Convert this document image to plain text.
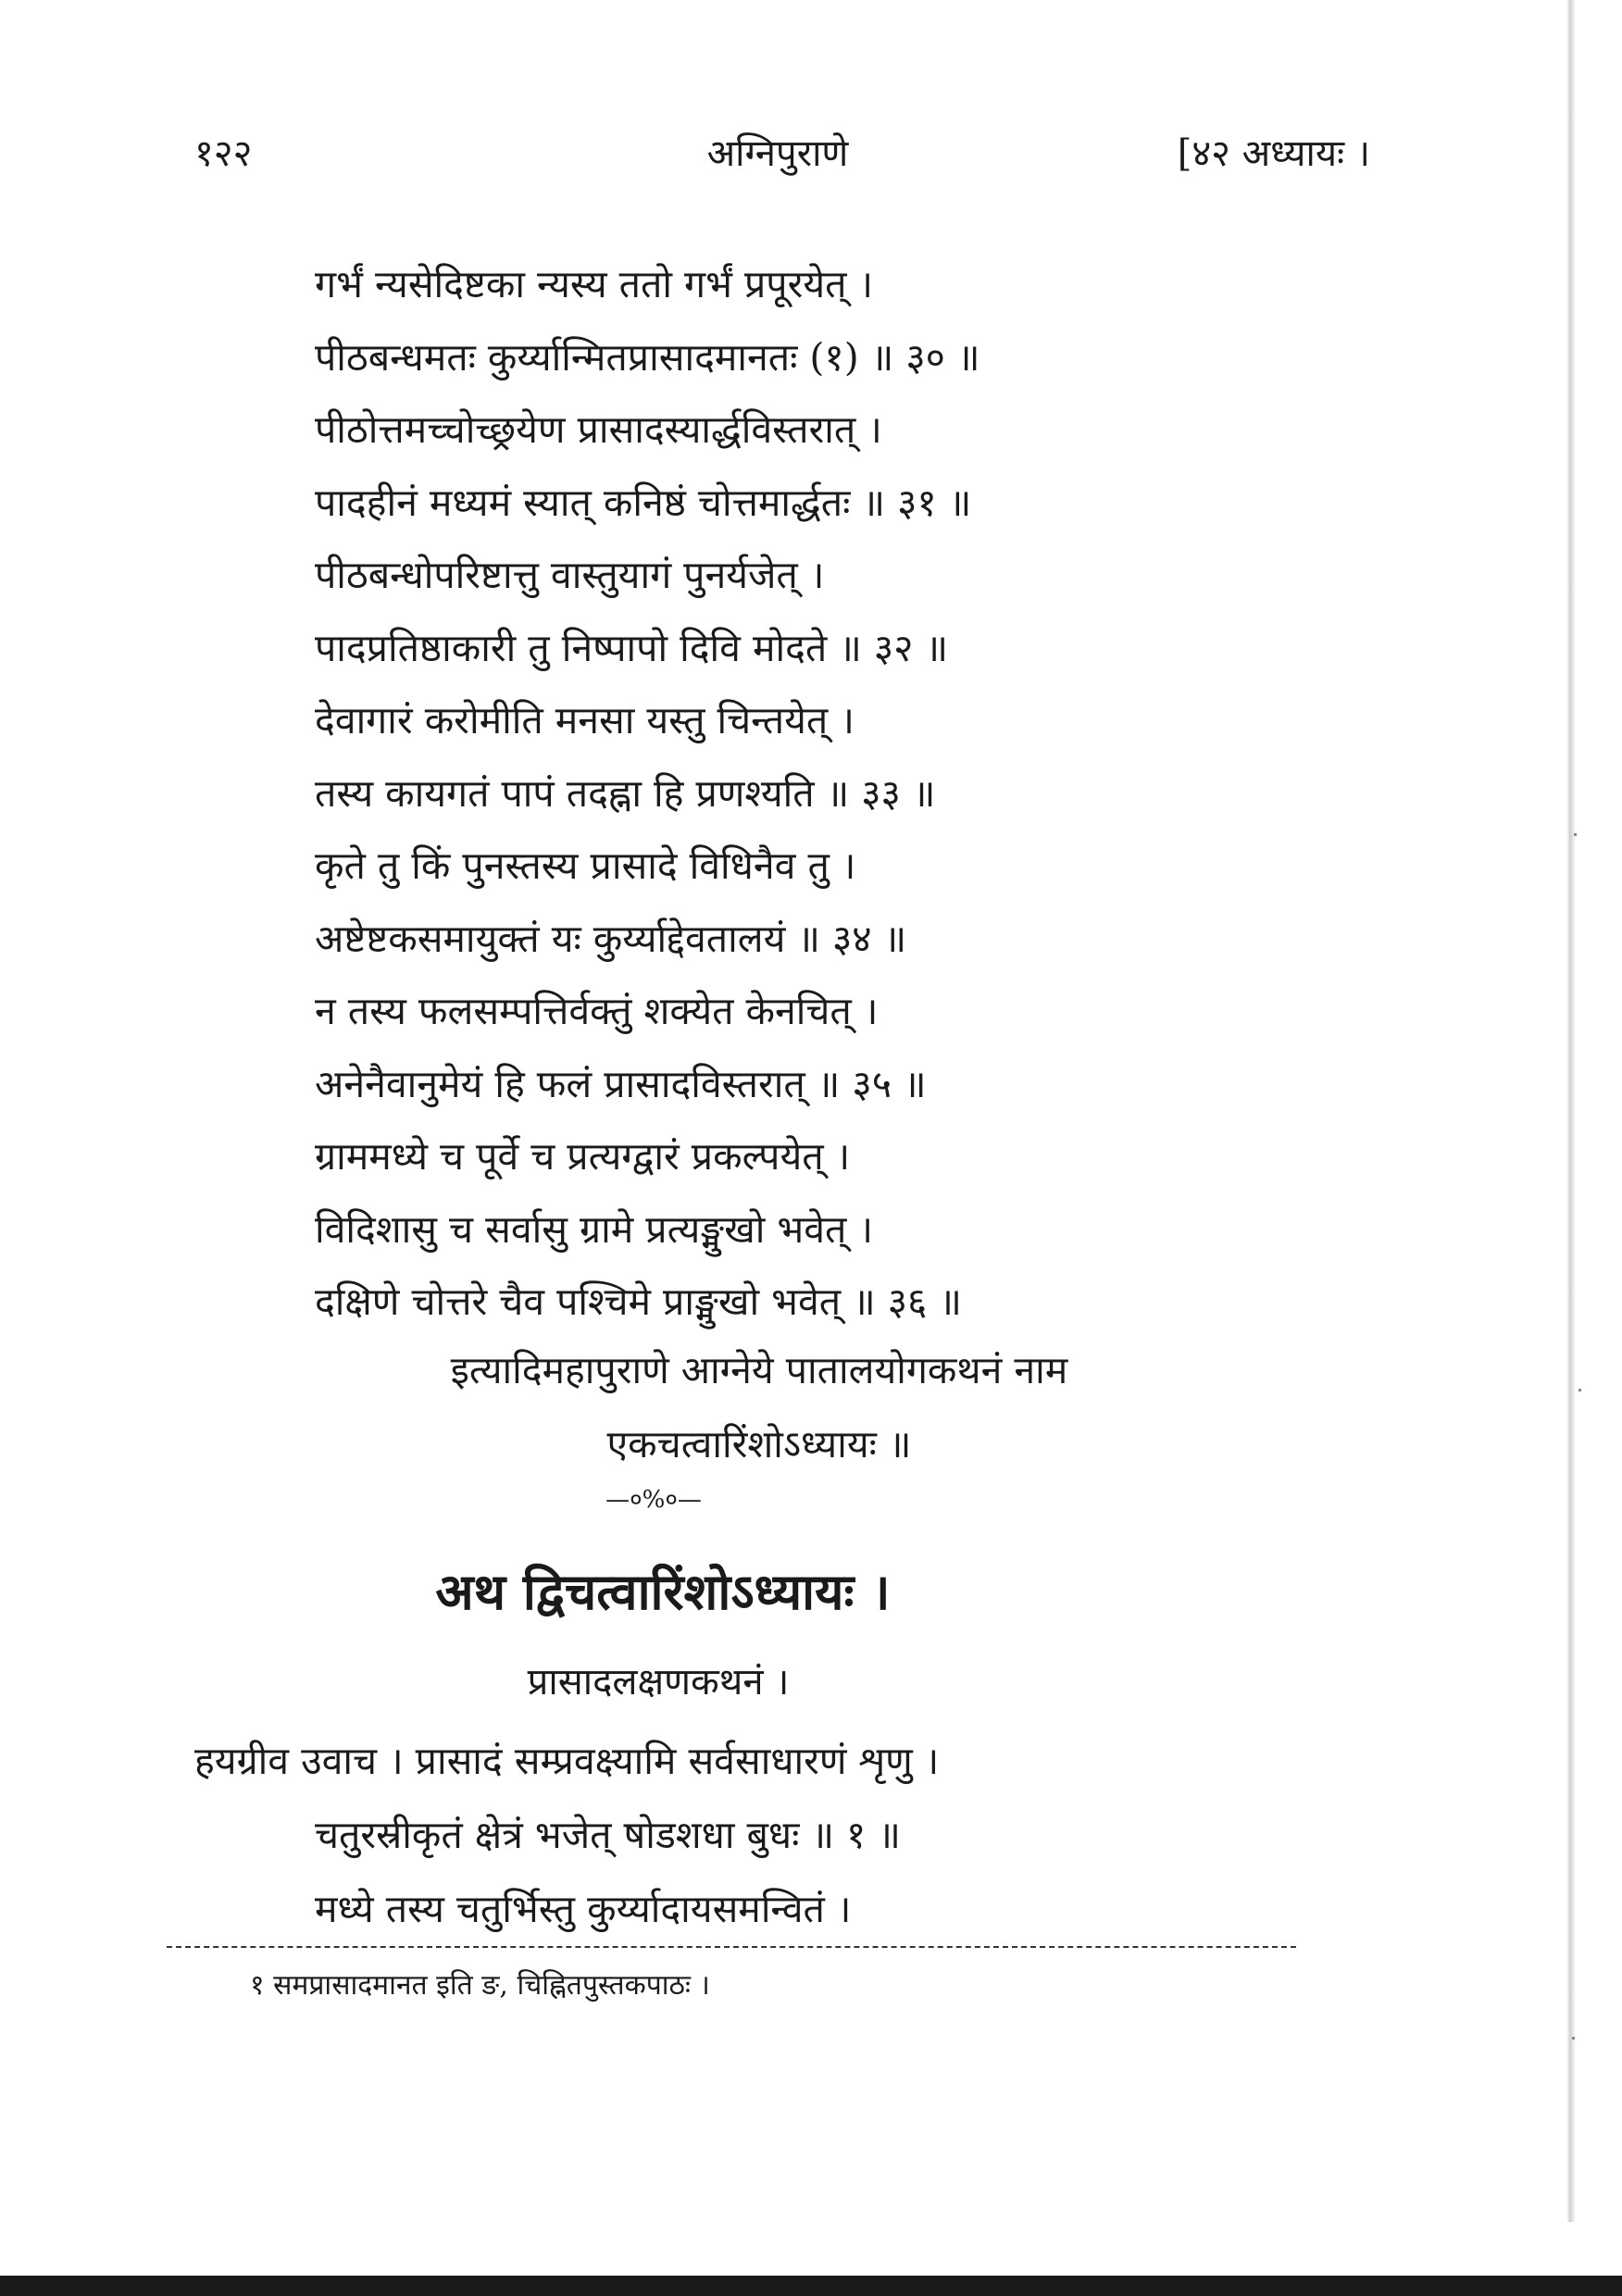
१२२	अग्निपुराणे	[४२ अध्यायः ।
गर्भं न्यसेदिष्टका न्यस्य ततो गर्भं प्रपूरयेत् ।
पीठबन्धमतः कुर्य्यान्मितप्रासादमानतः (१) ॥ ३० ॥
पीठोत्तमच्चोच्छ्रयेण प्रासादस्यार्द्धविस्तरात् ।
पादहीनं मध्यमं स्यात् कनिष्ठं चोत्तमार्द्धतः ॥ ३१ ॥
पीठबन्धोपरिष्टात्तु वास्तुयागं पुनर्यजेत् ।
पादप्रतिष्ठाकारी तु निष्पापो दिवि मोदते ॥ ३२ ॥
देवागारं करोमीति मनसा यस्तु चिन्तयेत् ।
तस्य कायगतं पापं तदह्ना हि प्रणश्यति ॥ ३३ ॥
कृते तु किं पुनस्तस्य प्रासादे विधिनैव तु ।
अष्टेष्टकसमायुक्तं यः कुर्य्याद्देवतालयं ॥ ३४ ॥
न तस्य फलसम्पत्तिर्वक्तुं शक्येत केनचित् ।
अनेनैवानुमेयं हि फलं प्रासादविस्तरात् ॥ ३५ ॥
ग्राममध्ये च पूर्वे च प्रत्यग्द्वारं प्रकल्पयेत् ।
विदिशासु च सर्वासु ग्रामे प्रत्यङ्मुखो भवेत् ।
दक्षिणे चोत्तरे चैव पश्चिमे प्राङ्मुखो भवेत् ॥ ३६ ॥
इत्यादिमहापुराणे आग्नेये पातालयोगकथनं नाम
एकचत्वारिंशोऽध्यायः ॥
—०%०—
अथ द्विचत्वारिंशोऽध्यायः ।
प्रासादलक्षणकथनं ।
हयग्रीव उवाच । प्रासादं सम्प्रवक्ष्यामि सर्वसाधारणं शृणु ।
चतुरस्रीकृतं क्षेत्रं भजेत् षोडशधा बुधः ॥ १ ॥
मध्ये तस्य चतुर्भिस्तु कुर्य्यादायसमन्वितं ।
१ समप्रासादमानत इति ङ, चिह्नितपुस्तकपाठः ।
